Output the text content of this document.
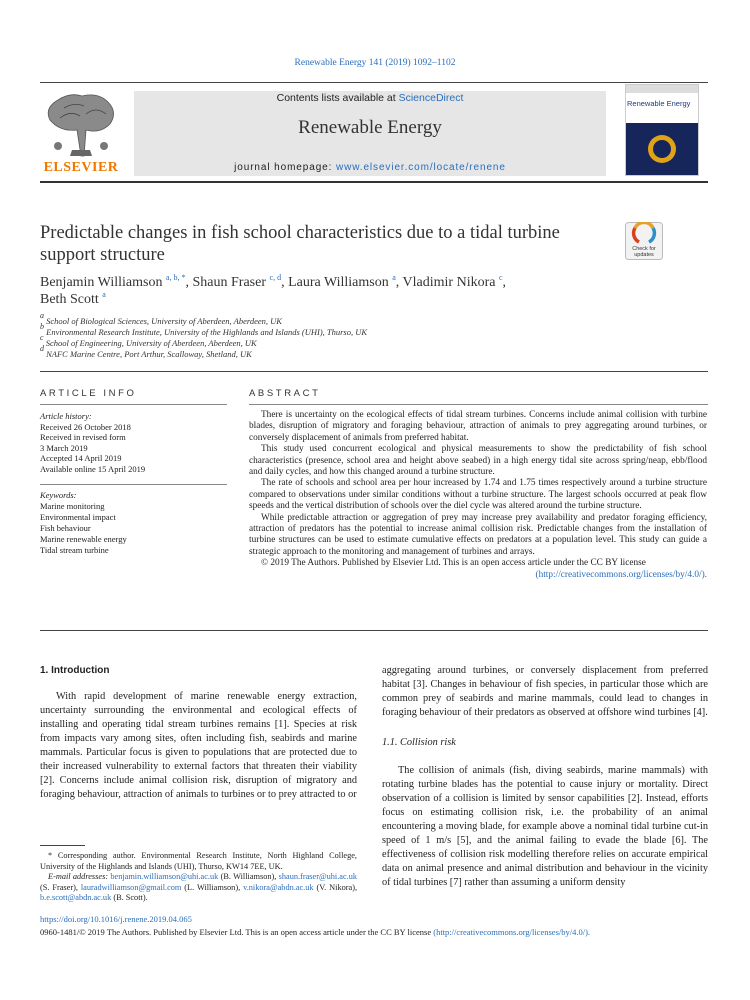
Renewable Energy 141 (2019) 1092–1102
ELSEVIER
Contents lists available at ScienceDirect
Renewable Energy
journal homepage: www.elsevier.com/locate/renene
Renewable Energy
Predictable changes in fish school characteristics due to a tidal turbine support structure	Check for updates
Benjamin Williamson $^{a, b, *}$, Shaun Fraser $^{c, d}$, Laura Williamson $^a$, Vladimir Nikora $^c$,
Beth Scott $^a$
$^a$ School of Biological Sciences, University of Aberdeen, Aberdeen, UK
$^b$ Environmental Research Institute, University of the Highlands and Islands (UHI), Thurso, UK
$^c$ School of Engineering, University of Aberdeen, Aberdeen, UK
$^d$ NAFC Marine Centre, Port Arthur, Scalloway, Shetland, UK
ARTICLE INFO
Article history:
Received 26 October 2018
Received in revised form
3 March 2019
Accepted 14 April 2019
Available online 15 April 2019
Keywords:
Marine monitoring
Environmental impact
Fish behaviour
Marine renewable energy
Tidal stream turbine
ABSTRACT

There is uncertainty on the ecological effects of tidal stream turbines. Concerns include animal collision with turbine blades, disruption of migratory and foraging behaviour, attraction of animals to prey aggregating around turbines, or conversely displacement of animals from preferred habitat.

This study used concurrent ecological and physical measurements to show the predictability of fish school characteristics (presence, school area and height above seabed) in a high energy tidal site across spring/neap, ebb/flood and daily cycles, and how this changed around a turbine structure.

The rate of schools and school area per hour increased by 1.74 and 1.75 times respectively around a turbine structure compared to observations under similar conditions without a turbine structure. The largest schools occurred at peak flow speeds and the vertical distribution of schools over the diel cycle was altered around the turbine structure.

While predictable attraction or aggregation of prey may increase prey availability and predator foraging efficiency, attraction of predators has the potential to increase animal collision risk. Predictable changes from the installation of turbine structures can be used to estimate cumulative effects on predators at a population level. This study can guide a strategic approach to the monitoring and management of turbines and arrays.

© 2019 The Authors. Published by Elsevier Ltd. This is an open access article under the CC BY license

(http://creativecommons.org/licenses/by/4.0/).

1. Introduction

With rapid development of marine renewable energy extraction, uncertainty surrounding the environmental and ecological effects of installing and operating tidal stream turbines remains [1]. Species at risk from impacts vary among sites, often including fish, seabirds and marine mammals. Particular focus is given to populations that are protected due to their increased vulnerability to external factors that threaten their viability [2]. Concerns include animal collision risk, disruption of migratory and foraging behaviour, attraction of animals to turbines or to prey attracted to or

aggregating around turbines, or conversely displacement from preferred habitat [3]. Changes in behaviour of fish species, in particular those which are common prey of seabirds and marine mammals, could lead to changes in foraging behaviour of their predators as observed at offshore wind turbines [4].

1.1. Collision risk

The collision of animals (fish, diving seabirds, marine mammals) with rotating turbine blades has the potential to cause injury or mortality. Direct observation of a collision is limited by sensor capabilities [2]. Instead, efforts focus on estimating collision risk, i.e. the probability of an animal encountering a moving blade, for example above a nominal tidal turbine cut-in speed of 1 m/s [5], and the animal failing to evade the blade [6]. The effectiveness of collision risk modelling therefore relies on accurate empirical data on animal presence and animal distribution and behaviour in the vicinity of tidal turbines [7] rather than assuming a uniform density

* Corresponding author. Environmental Research Institute, North Highland College, University of the Highlands and Islands (UHI), Thurso, KW14 7EE, UK.

E-mail addresses: benjamin.williamson@uhi.ac.uk (B. Williamson), shaun.fraser@uhi.ac.uk (S. Fraser), lauradwilliamson@gmail.com (L. Williamson), v.nikora@abdn.ac.uk (V. Nikora), b.e.scott@abdn.ac.uk (B. Scott).

https://doi.org/10.1016/j.renene.2019.04.065
0960-1481/© 2019 The Authors. Published by Elsevier Ltd. This is an open access article under the CC BY license (http://creativecommons.org/licenses/by/4.0/).
